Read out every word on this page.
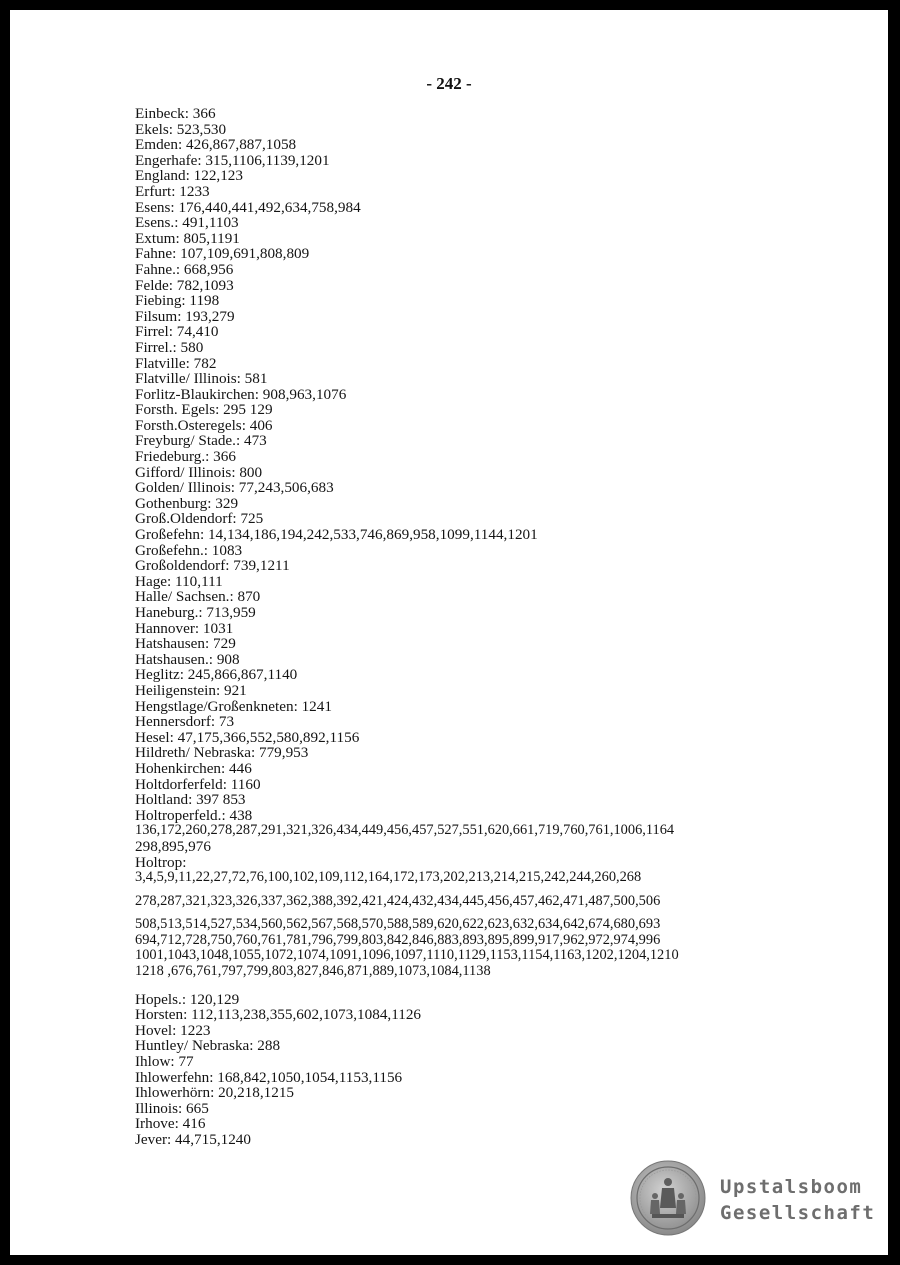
- 242 -
Einbeck: 366
Ekels: 523,530
Emden: 426,867,887,1058
Engerhafe: 315,1106,1139,1201
England: 122,123
Erfurt: 1233
Esens: 176,440,441,492,634,758,984
Esens.: 491,1103
Extum: 805,1191
Fahne: 107,109,691,808,809
Fahne.: 668,956
Felde: 782,1093
Fiebing: 1198
Filsum: 193,279
Firrel: 74,410
Firrel.: 580
Flatville: 782
Flatville/ Illinois: 581
Forlitz-Blaukirchen: 908,963,1076
Forsth. Egels: 295 129
Forsth.Osteregels: 406
Freyburg/ Stade.: 473
Friedeburg.: 366
Gifford/ Illinois: 800
Golden/ Illinois: 77,243,506,683
Gothenburg: 329
Groß.Oldendorf: 725
Großefehn: 14,134,186,194,242,533,746,869,958,1099,1144,1201
Großefehn.: 1083
Großoldendorf: 739,1211
Hage: 110,111
Halle/ Sachsen.: 870
Haneburg.: 713,959
Hannover: 1031
Hatshausen: 729
Hatshausen.: 908
Heglitz: 245,866,867,1140
Heiligenstein: 921
Hengstlage/Großenkneten: 1241
Hennersdorf: 73
Hesel: 47,175,366,552,580,892,1156
Hildreth/ Nebraska: 779,953
Hohenkirchen: 446
Holtdorferfeld: 1160
Holtland: 397 853
Holtroperfeld.: 438
136,172,260,278,287,291,321,326,434,449,456,457,527,551,620,661,719,760,761,1006,1164
298,895,976
Holtrop:
3,4,5,9,11,22,27,72,76,100,102,109,112,164,172,173,202,213,214,215,242,244,260,268
278,287,321,323,326,337,362,388,392,421,424,432,434,445,456,457,462,471,487,500,506
508,513,514,527,534,560,562,567,568,570,588,589,620,622,623,632,634,642,674,680,693
694,712,728,750,760,761,781,796,799,803,842,846,883,893,895,899,917,962,972,974,996
1001,1043,1048,1055,1072,1074,1091,1096,1097,1110,1129,1153,1154,1163,1202,1204,1210
1218 ,676,761,797,799,803,827,846,871,889,1073,1084,1138
Hopels.: 120,129
Horsten: 112,113,238,355,602,1073,1084,1126
Hovel: 1223
Huntley/ Nebraska: 288
Ihlow: 77
Ihlowerfehn: 168,842,1050,1054,1153,1156
Ihlowerhörn: 20,218,1215
Illinois: 665
Irhove: 416
Jever: 44,715,1240
Upstalsboom
Gesellschaft
